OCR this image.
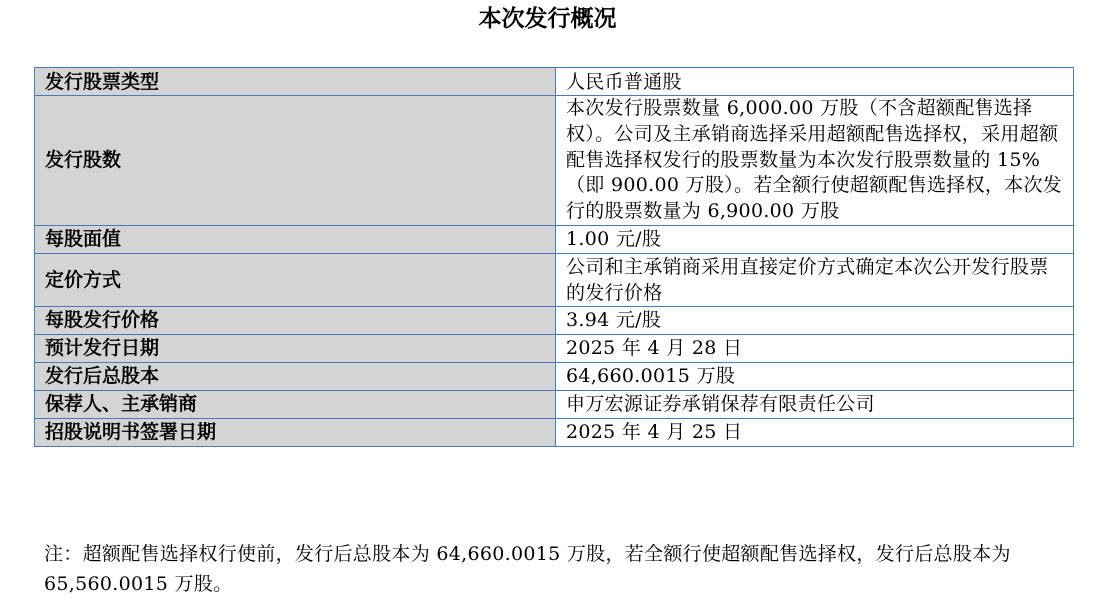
本次发行概况
发行股票类型	人民币普通股
发行股数	本次发行股票数量 6,000.00 万股（不含超额配售选择权）。公司及主承销商选择采用超额配售选择权，采用超额配售选择权发行的股票数量为本次发行股票数量的 15%（即 900.00 万股）。若全额行使超额配售选择权，本次发行的股票数量为 6,900.00 万股
每股面值	1.00 元/股
定价方式	公司和主承销商采用直接定价方式确定本次公开发行股票的发行价格
每股发行价格	3.94 元/股
预计发行日期	2025 年 4 月 28 日
发行后总股本	64,660.0015 万股
保荐人、主承销商	申万宏源证券承销保荐有限责任公司
招股说明书签署日期	2025 年 4 月 25 日
注：超额配售选择权行使前，发行后总股本为 64,660.0015 万股，若全额行使超额配售选择权，发行后总股本为 65,560.0015 万股。
